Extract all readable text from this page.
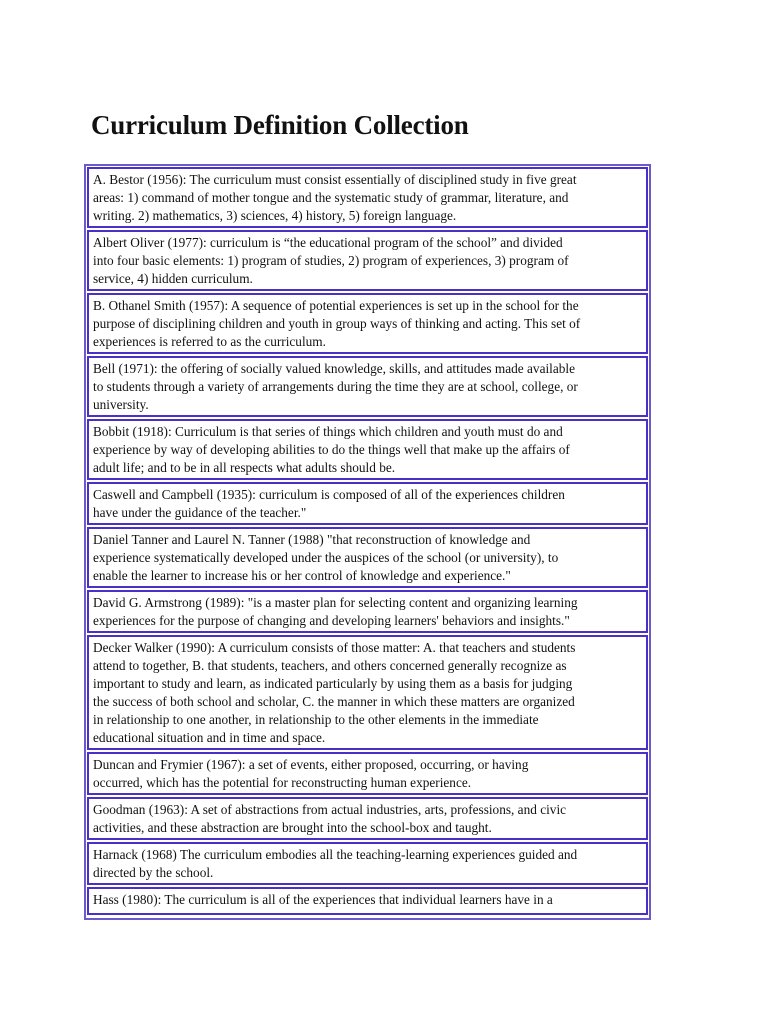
Curriculum Definition Collection
A. Bestor (1956): The curriculum must consist essentially of disciplined study in five great
areas: 1) command of mother tongue and the systematic study of grammar, literature, and
writing. 2) mathematics, 3) sciences, 4) history, 5) foreign language.
Albert Oliver (1977): curriculum is “the educational program of the school” and divided
into four basic elements: 1) program of studies, 2) program of experiences, 3) program of
service, 4) hidden curriculum.
B. Othanel Smith (1957): A sequence of potential experiences is set up in the school for the
purpose of disciplining children and youth in group ways of thinking and acting. This set of
experiences is referred to as the curriculum.
Bell (1971): the offering of socially valued knowledge, skills, and attitudes made available
to students through a variety of arrangements during the time they are at school, college, or
university.
Bobbit (1918): Curriculum is that series of things which children and youth must do and
experience by way of developing abilities to do the things well that make up the affairs of
adult life; and to be in all respects what adults should be.
Caswell and Campbell (1935): curriculum is composed of all of the experiences children
have under the guidance of the teacher."
Daniel Tanner and Laurel N. Tanner (1988) "that reconstruction of knowledge and
experience systematically developed under the auspices of the school (or university), to
enable the learner to increase his or her control of knowledge and experience."
David G. Armstrong (1989): "is a master plan for selecting content and organizing learning
experiences for the purpose of changing and developing learners' behaviors and insights."
Decker Walker (1990): A curriculum consists of those matter: A. that teachers and students
attend to together, B. that students, teachers, and others concerned generally recognize as
important to study and learn, as indicated particularly by using them as a basis for judging
the success of both school and scholar, C. the manner in which these matters are organized
in relationship to one another, in relationship to the other elements in the immediate
educational situation and in time and space.
Duncan and Frymier (1967): a set of events, either proposed, occurring, or having
occurred, which has the potential for reconstructing human experience.
Goodman (1963): A set of abstractions from actual industries, arts, professions, and civic
activities, and these abstraction are brought into the school-box and taught.
Harnack (1968) The curriculum embodies all the teaching-learning experiences guided and
directed by the school.
Hass (1980): The curriculum is all of the experiences that individual learners have in a
